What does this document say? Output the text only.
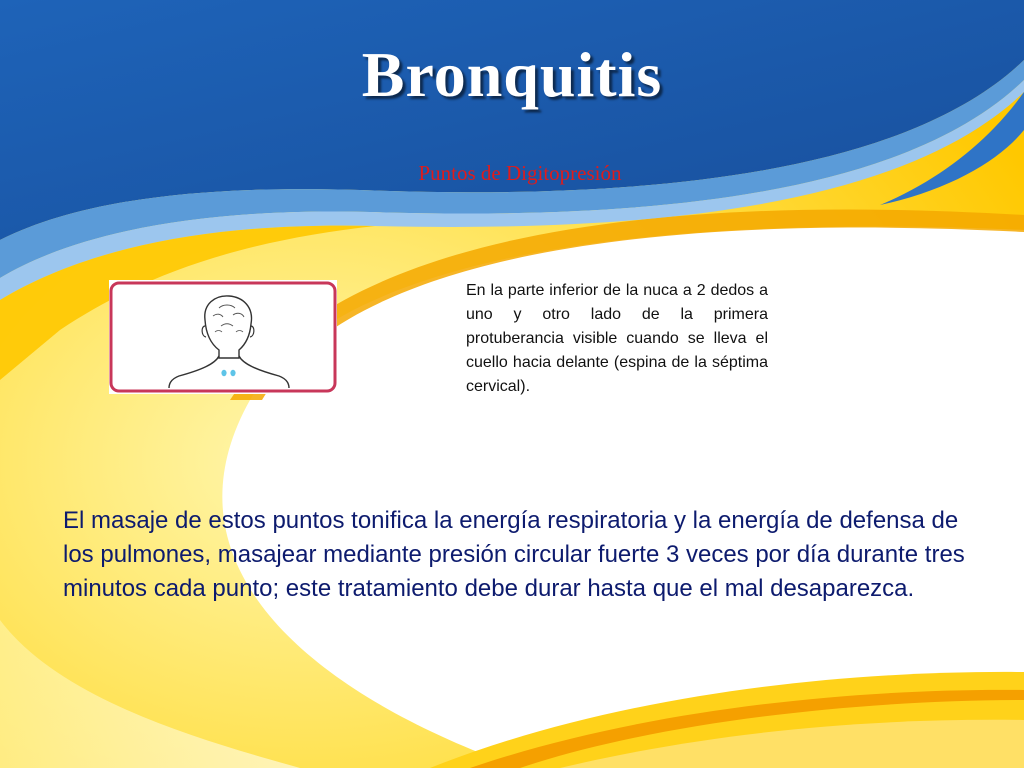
Bronquitis
Puntos de Digitopresión
En la parte inferior de la nuca a 2 dedos a uno y otro lado de la primera protuberancia visible cuando se lleva el cuello hacia delante (espina de la séptima cervical).
El masaje de estos puntos tonifica la energía respiratoria y la energía de defensa de los pulmones, masajear mediante presión circular fuerte 3 veces por día durante tres minutos cada punto; este tratamiento debe durar hasta que el mal desaparezca.
